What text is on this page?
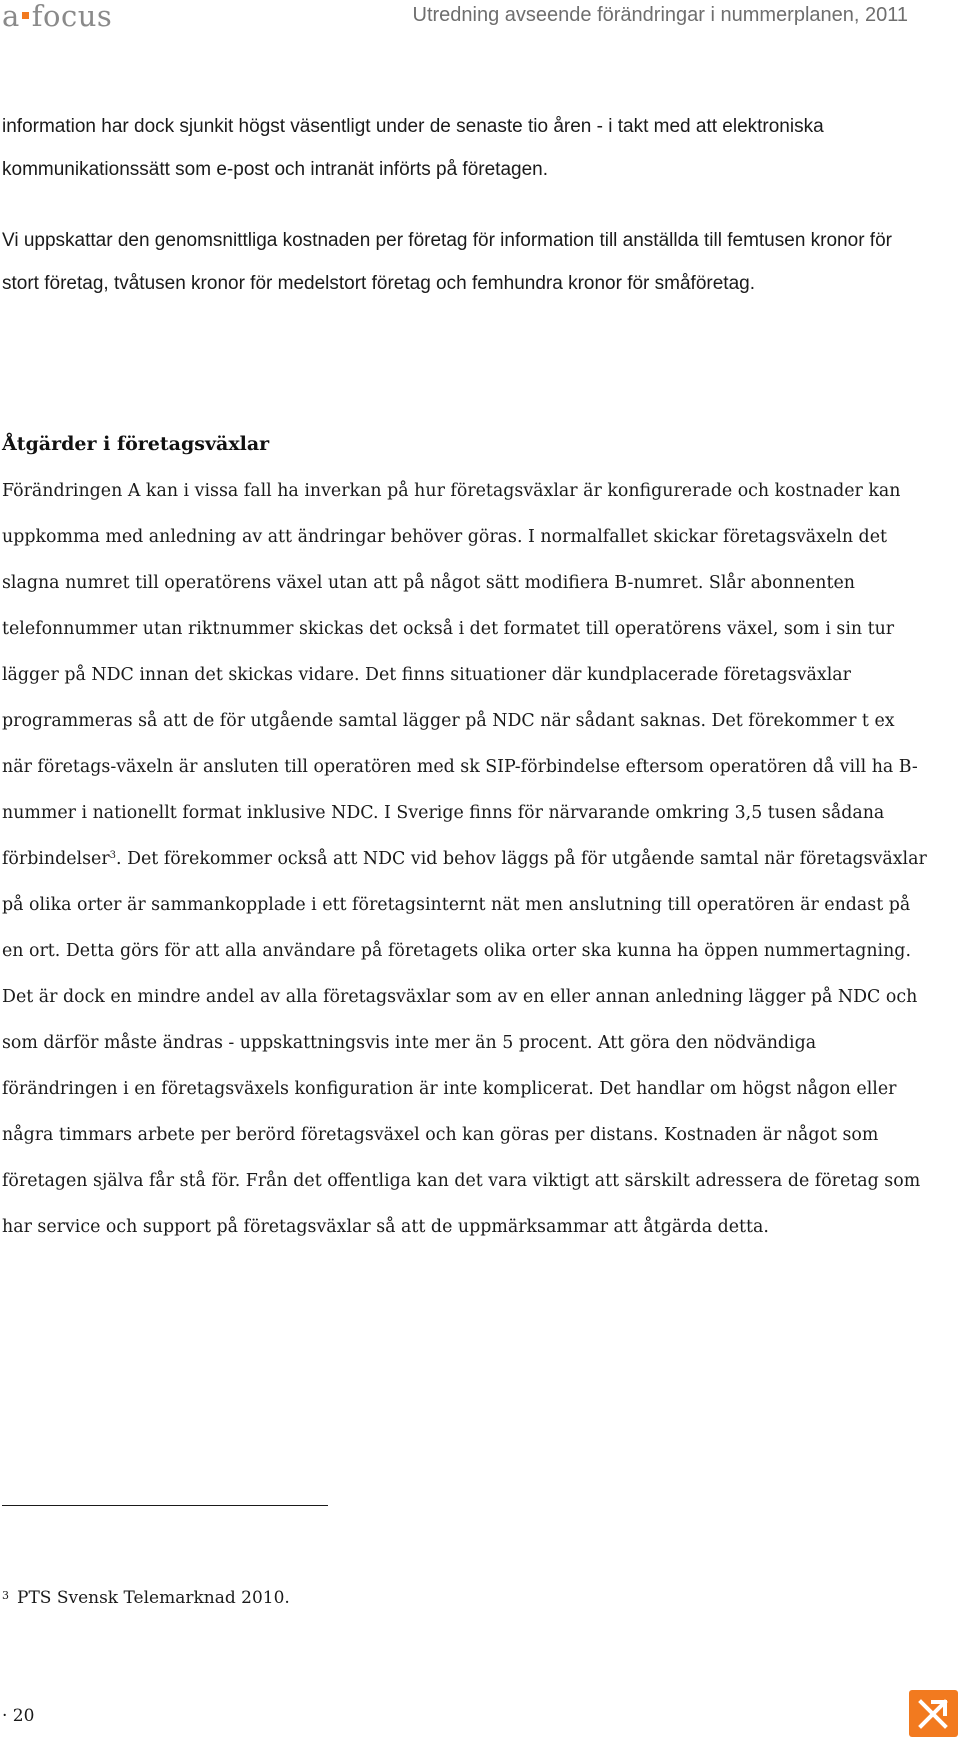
a focus	Utredning avseende förändringar i nummerplanen, 2011

information har dock sjunkit högst väsentligt under de senaste tio åren - i takt med att elektroniska kommunikationssätt som e-post och intranät införts på företagen.

Vi uppskattar den genomsnittliga kostnaden per företag för information till anställda till femtusen kronor för stort företag, tvåtusen kronor för medelstort företag och femhundra kronor för småföretag.

Åtgärder i företagsväxlar

Förändringen A kan i vissa fall ha inverkan på hur företagsväxlar är konfigurerade och kostnader kan uppkomma med anledning av att ändringar behöver göras. I normalfallet skickar företagsväxeln det slagna numret till operatörens växel utan att på något sätt modifiera B-numret. Slår abonnenten telefonnummer utan riktnummer skickas det också i det formatet till operatörens växel, som i sin tur lägger på NDC innan det skickas vidare. Det finns situationer där kundplacerade företagsväxlar programmeras så att de för utgående samtal lägger på NDC när sådant saknas. Det förekommer t ex när företags-växeln är ansluten till operatören med sk SIP-förbindelse eftersom operatören då vill ha B-nummer i nationellt format inklusive NDC. I Sverige finns för närvarande omkring 3,5 tusen sådana förbindelser$^3$. Det förekommer också att NDC vid behov läggs på för utgående samtal när företagsväxlar på olika orter är sammankopplade i ett företagsinternt nät men anslutning till operatören är endast på en ort. Detta görs för att alla användare på företagets olika orter ska kunna ha öppen nummertagning. Det är dock en mindre andel av alla företagsväxlar som av en eller annan anledning lägger på NDC och som därför måste ändras - uppskattningsvis inte mer än 5 procent. Att göra den nödvändiga förändringen i en företagsväxels konfiguration är inte komplicerat. Det handlar om högst någon eller några timmars arbete per berörd företagsväxel och kan göras per distans. Kostnaden är något som företagen själva får stå för. Från det offentliga kan det vara viktigt att särskilt adressera de företag som har service och support på företagsväxlar så att de uppmärksammar att åtgärda detta.

$^3$ PTS Svensk Telemarknad 2010.
· 20
